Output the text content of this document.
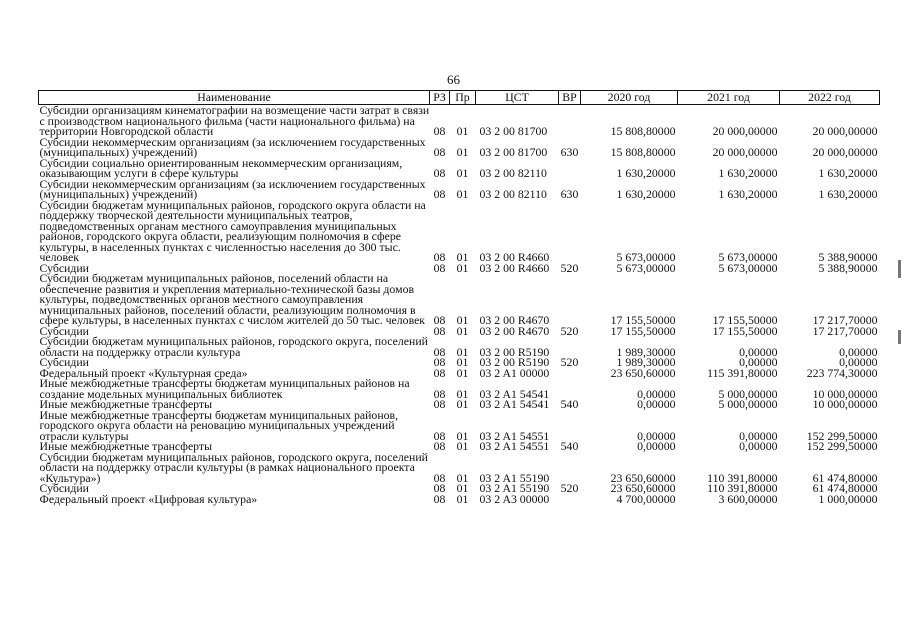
66
Наименование	РЗ	Пр	ЦСТ	ВР	2020 год	2021 год	2022 год
Субсидии организациям кинематографии на возмещение части затрат в связи с производством национального фильма (части национального фильма) на территории Новгородской области	08	01	03 2 00 81700		15 808,80000	20 000,00000	20 000,00000
Субсидии некоммерческим организациям (за исключением государственных (муниципальных) учреждений)	08	01	03 2 00 81700	630	15 808,80000	20 000,00000	20 000,00000
Субсидии социально ориентированным некоммерческим организациям, оказывающим услуги в сфере культуры	08	01	03 2 00 82110		1 630,20000	1 630,20000	1 630,20000
Субсидии некоммерческим организациям (за исключением государственных (муниципальных) учреждений)	08	01	03 2 00 82110	630	1 630,20000	1 630,20000	1 630,20000
Субсидии бюджетам муниципальных районов, городского округа области на поддержку творческой деятельности муниципальных театров, подведомственных органам местного самоуправления муниципальных районов, городского округа области, реализующим полномочия в сфере культуры, в населенных пунктах с численностью населения до 300 тыс. человек	08	01	03 2 00 R4660		5 673,00000	5 673,00000	5 388,90000
Субсидии	08	01	03 2 00 R4660	520	5 673,00000	5 673,00000	5 388,90000
Субсидии бюджетам муниципальных районов, поселений области на обеспечение развития и укрепления материально-технической базы домов культуры, подведомственных органов местного самоуправления муниципальных районов, поселений области, реализующим полномочия в сфере культуры, в населенных пунктах с числом жителей до 50 тыс. человек	08	01	03 2 00 R4670		17 155,50000	17 155,50000	17 217,70000
Субсидии	08	01	03 2 00 R4670	520	17 155,50000	17 155,50000	17 217,70000
Субсидии бюджетам муниципальных районов, городского округа, поселений области на поддержку отрасли культура	08	01	03 2 00 R5190		1 989,30000	0,00000	0,00000
Субсидии	08	01	03 2 00 R5190	520	1 989,30000	0,00000	0,00000
Федеральный проект «Культурная среда»	08	01	03 2 A1 00000		23 650,60000	115 391,80000	223 774,30000
Иные межбюджетные трансферты бюджетам муниципальных районов на создание модельных муниципальных библиотек	08	01	03 2 A1 54541		0,00000	5 000,00000	10 000,00000
Иные межбюджетные трансферты	08	01	03 2 A1 54541	540	0,00000	5 000,00000	10 000,00000
Иные межбюджетные трансферты бюджетам муниципальных районов, городского округа области на реновацию муниципальных учреждений отрасли культуры	08	01	03 2 A1 54551		0,00000	0,00000	152 299,50000
Иные межбюджетные трансферты	08	01	03 2 A1 54551	540	0,00000	0,00000	152 299,50000
Субсидии бюджетам муниципальных районов, городского округа, поселений области на поддержку отрасли культуры (в рамках национального проекта «Культура»)	08	01	03 2 A1 55190		23 650,60000	110 391,80000	61 474,80000
Субсидии	08	01	03 2 A1 55190	520	23 650,60000	110 391,80000	61 474,80000
Федеральный проект «Цифровая культура»	08	01	03 2 A3 00000		4 700,00000	3 600,00000	1 000,00000
